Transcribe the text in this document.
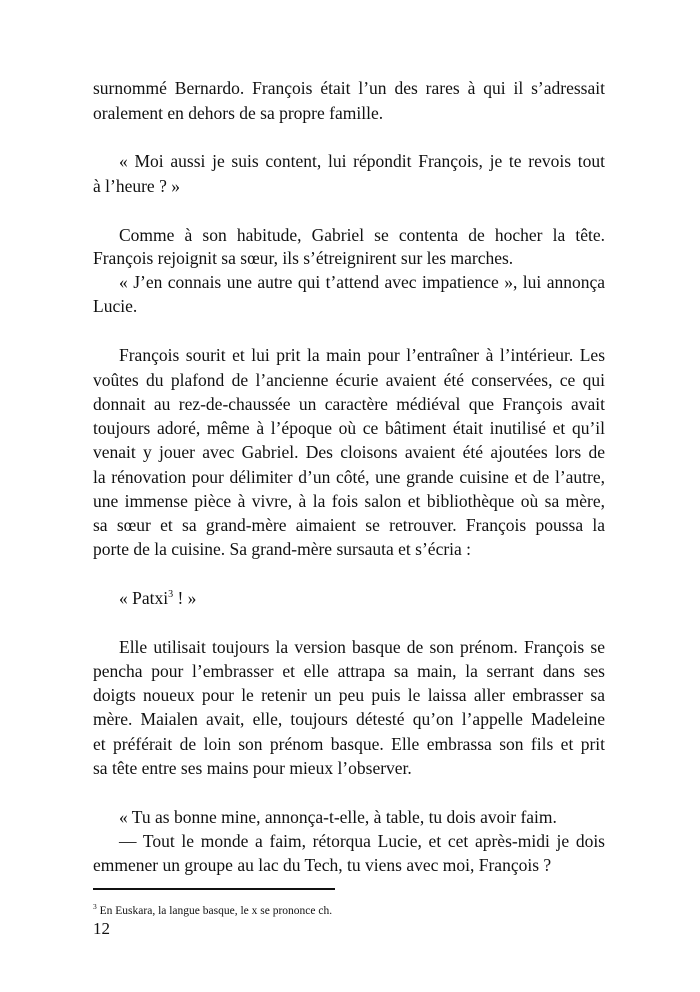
surnommé Bernardo. François était l’un des rares à qui il s’adressait
oralement en dehors de sa propre famille.
« Moi aussi je suis content, lui répondit François, je te revois tout
à l’heure ? »
Comme à son habitude, Gabriel se contenta de hocher la tête.
François rejoignit sa sœur, ils s’étreignirent sur les marches.
« J’en connais une autre qui t’attend avec impatience », lui annonça
Lucie.
François sourit et lui prit la main pour l’entraîner à l’intérieur. Les
voûtes du plafond de l’ancienne écurie avaient été conservées, ce qui
donnait au rez-de-chaussée un caractère médiéval que François avait
toujours adoré, même à l’époque où ce bâtiment était inutilisé et qu’il
venait y jouer avec Gabriel. Des cloisons avaient été ajoutées lors de
la rénovation pour délimiter d’un côté, une grande cuisine et de l’autre,
une immense pièce à vivre, à la fois salon et bibliothèque où sa mère,
sa sœur et sa grand-mère aimaient se retrouver. François poussa la
porte de la cuisine. Sa grand-mère sursauta et s’écria :
« Patxi$^3$ ! »
Elle utilisait toujours la version basque de son prénom. François se
pencha pour l’embrasser et elle attrapa sa main, la serrant dans ses
doigts noueux pour le retenir un peu puis le laissa aller embrasser sa
mère. Maialen avait, elle, toujours détesté qu’on l’appelle Madeleine
et préférait de loin son prénom basque. Elle embrassa son fils et prit
sa tête entre ses mains pour mieux l’observer.
« Tu as bonne mine, annonça-t-elle, à table, tu dois avoir faim.
— Tout le monde a faim, rétorqua Lucie, et cet après-midi je dois
emmener un groupe au lac du Tech, tu viens avec moi, François ?
$^3$ En Euskara, la langue basque, le x se prononce ch.
12
